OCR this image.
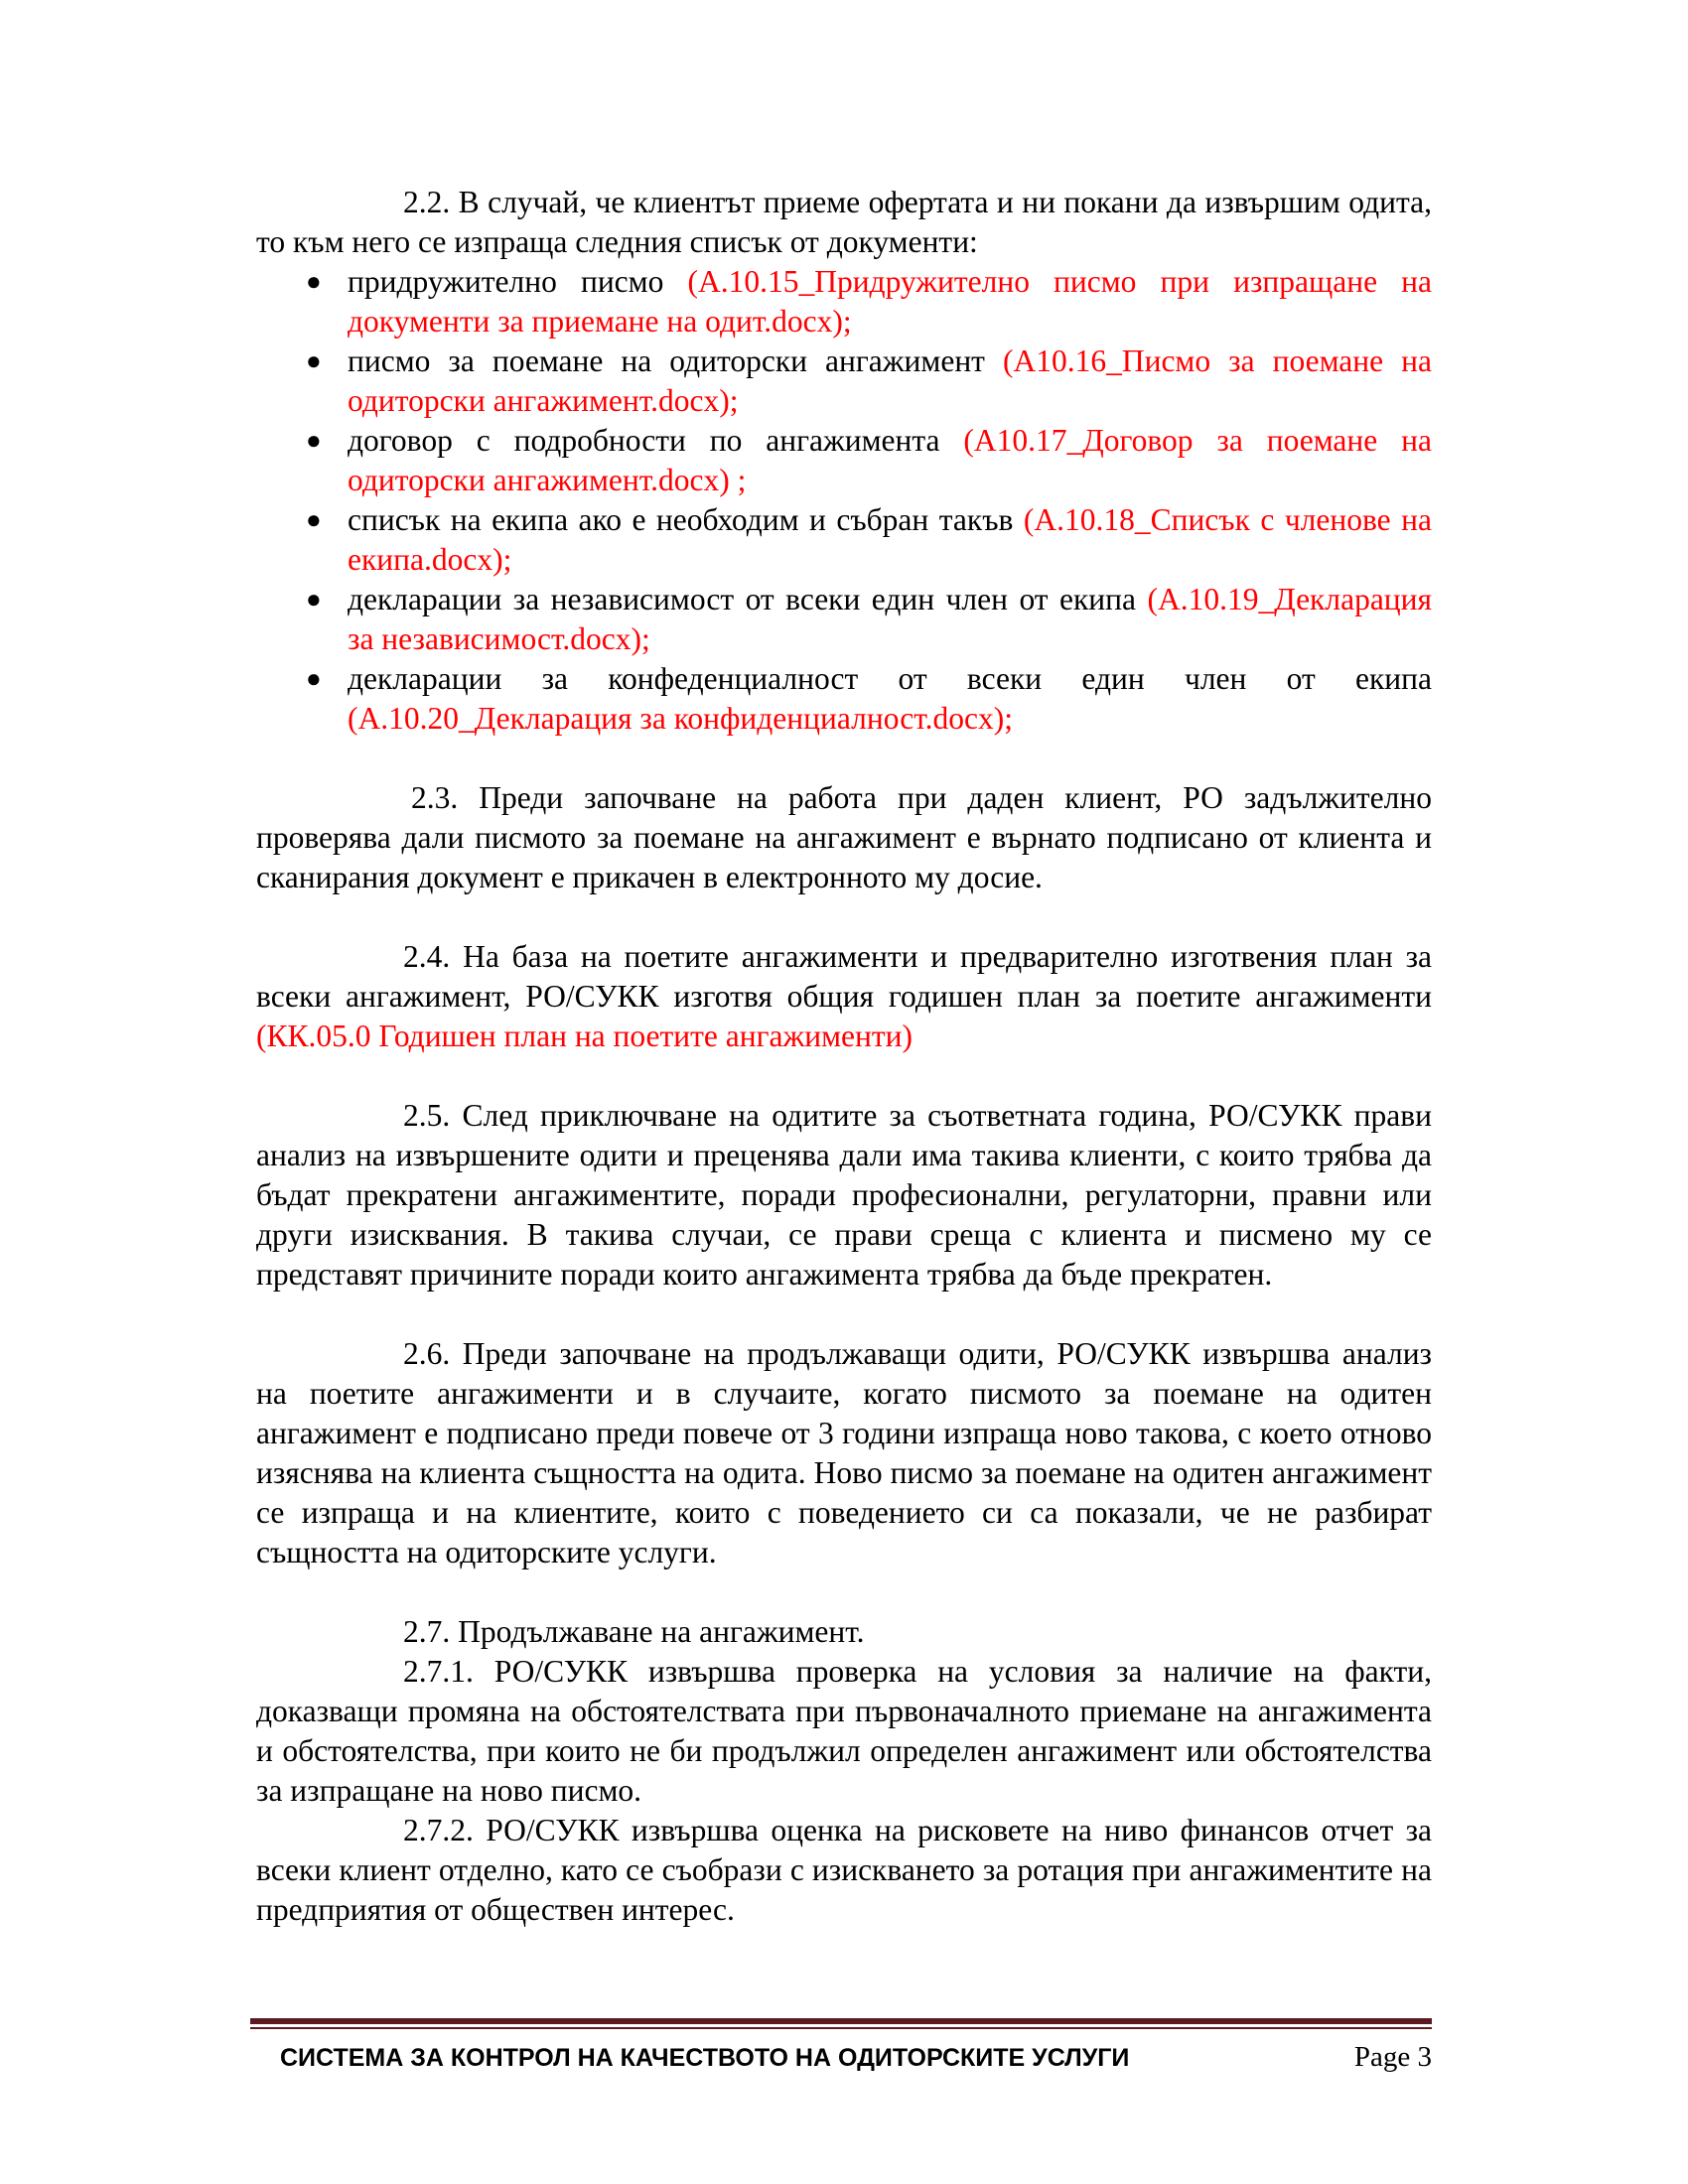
2.2. В случай, че клиентът приеме офертата и ни покани да извършим одита, то към него се изпраща следния списък от документи:

● придружително писмо (А.10.15_Придружително писмо при изпращане на документи за приемане на одит.docx);
● писмо за поемане на одиторски ангажимент (А10.16_Писмо за поемане на одиторски ангажимент.docx);
● договор с подробности по ангажимента (А10.17_Договор за поемане на одиторски ангажимент.docx) ;
● списък на екипа ако е необходим и събран такъв (А.10.18_Списък с членове на екипа.docx);
● декларации за независимост от всеки един член от екипа (А.10.19_Декларация за независимост.docx);
● декларации за конфеденциалност от всеки един член от екипа (А.10.20_Декларация за конфиденциалност.docx);

2.3. Преди започване на работа при даден клиент, РО задължително проверява дали писмото за поемане на ангажимент е върнато подписано от клиента и сканирания документ е прикачен в електронното му досие.

2.4. На база на поетите ангажименти и предварително изготвения план за всеки ангажимент, РО/СУКК изготвя общия годишен план за поетите ангажименти (КК.05.0 Годишен план на поетите ангажименти)

2.5. След приключване на одитите за съответната година, РО/СУКК прави анализ на извършените одити и преценява дали има такива клиенти, с които трябва да бъдат прекратени ангажиментите, поради професионални, регулаторни, правни или други изисквания. В такива случаи, се прави среща с клиента и писмено му се представят причините поради които ангажимента трябва да бъде прекратен.

2.6. Преди започване на продължаващи одити, РО/СУКК извършва анализ на поетите ангажименти и в случаите, когато писмото за поемане на одитен ангажимент е подписано преди повече от 3 години изпраща ново такова, с което отново изяснява на клиента същността на одита. Ново писмо за поемане на одитен ангажимент се изпраща и на клиентите, които с поведението си са показали, че не разбират същността на одиторските услуги.

2.7. Продължаване на ангажимент.

2.7.1. РО/СУКК извършва проверка на условия за наличие на факти, доказващи промяна на обстоятелствата при първоначалното приемане на ангажимента и обстоятелства, при които не би продължил определен ангажимент или обстоятелства за изпращане на ново писмо.

2.7.2. РО/СУКК извършва оценка на рисковете на ниво финансов отчет за всеки клиент отделно, като се съобрази с изискването за ротация при ангажиментите на предприятия от обществен интерес.

СИСТЕМА ЗА КОНТРОЛ НА КАЧЕСТВОТО НА ОДИТОРСКИТЕ УСЛУГИ	Page 3
